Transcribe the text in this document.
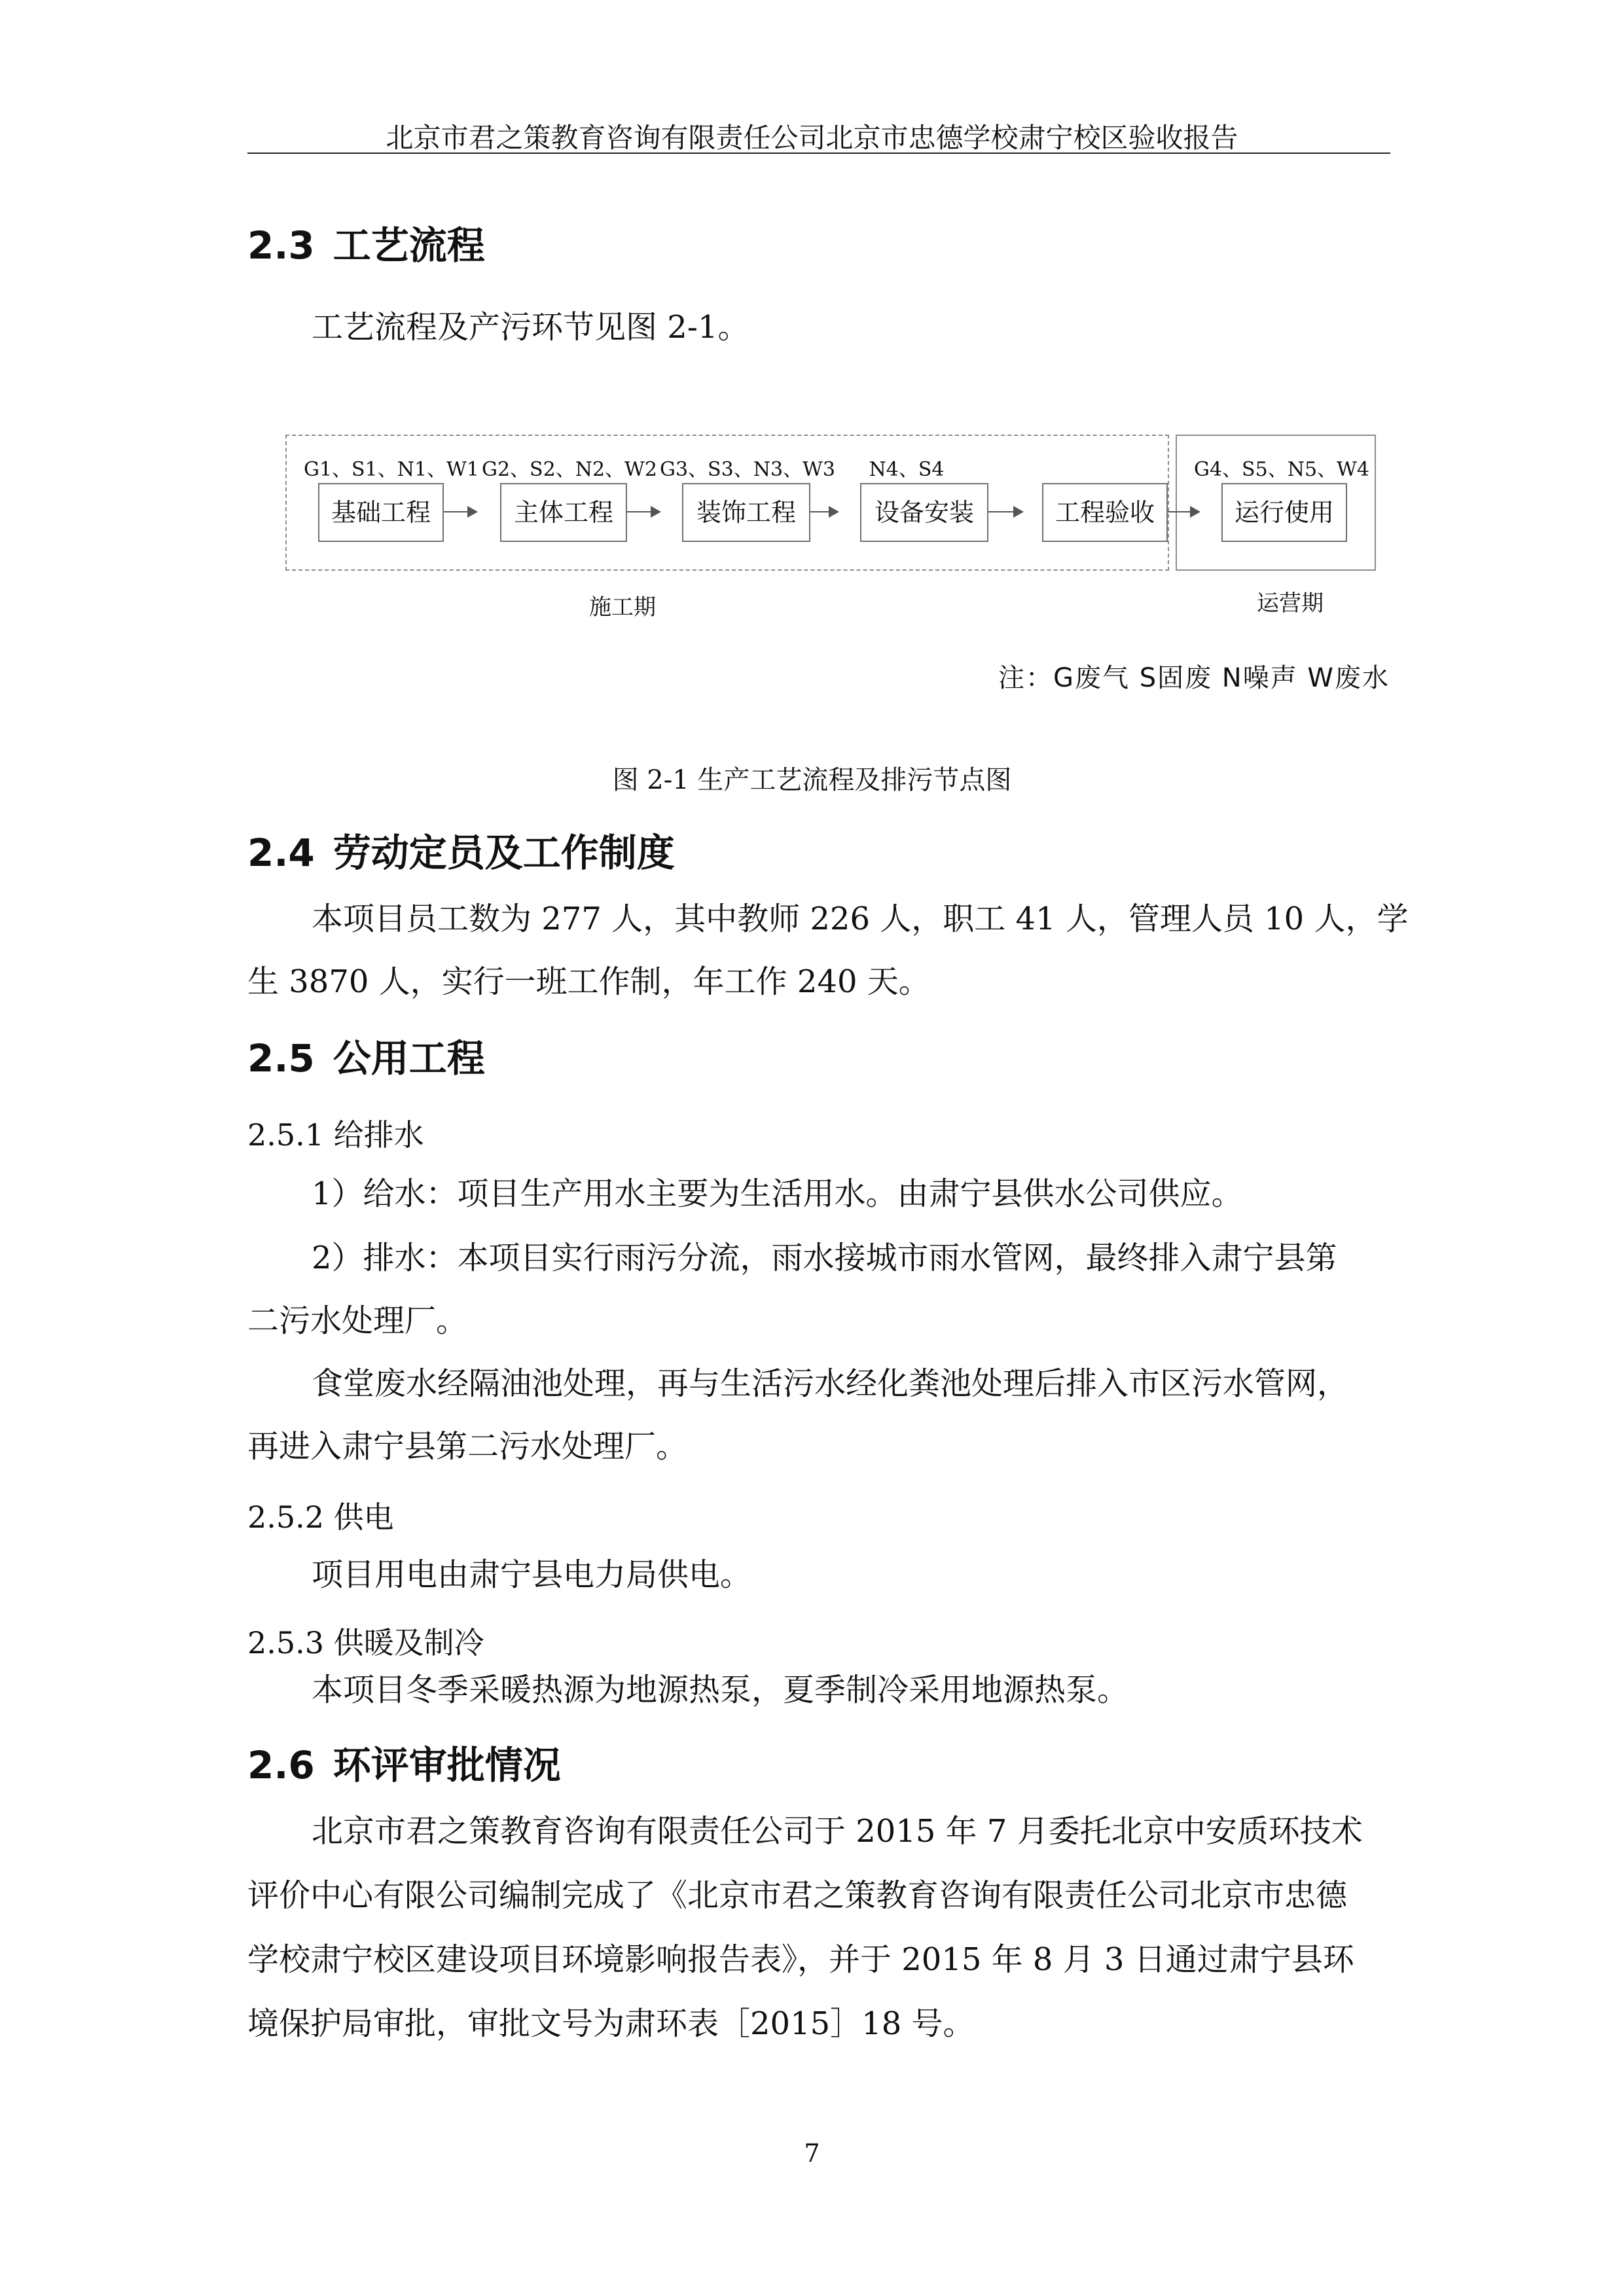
北京市君之策教育咨询有限责任公司北京市忠德学校肃宁校区验收报告
2.3 工艺流程
工艺流程及产污环节见图 2-1。
G1、S1、N1、W1 G2、S2、N2、W2 G3、S3、N3、W3	N4、S4	G4、S5、N5、W4
基础工程	主体工程	装饰工程	设备安装	工程验收	运行使用
施工期	运营期
注：G废气 S固废 N噪声 W废水
图 2-1 生产工艺流程及排污节点图
2.4 劳动定员及工作制度
本项目员工数为 277 人，其中教师 226 人，职工 41 人，管理人员 10 人，学
生 3870 人，实行一班工作制，年工作 240 天。
2.5 公用工程
2.5.1 给排水
1）给水：项目生产用水主要为生活用水。由肃宁县供水公司供应。
2）排水：本项目实行雨污分流，雨水接城市雨水管网，最终排入肃宁县第
二污水处理厂。
食堂废水经隔油池处理，再与生活污水经化粪池处理后排入市区污水管网，
再进入肃宁县第二污水处理厂。
2.5.2 供电
项目用电由肃宁县电力局供电。
2.5.3 供暖及制冷
本项目冬季采暖热源为地源热泵，夏季制冷采用地源热泵。
2.6 环评审批情况
北京市君之策教育咨询有限责任公司于 2015 年 7 月委托北京中安质环技术
评价中心有限公司编制完成了《北京市君之策教育咨询有限责任公司北京市忠德
学校肃宁校区建设项目环境影响报告表》，并于 2015 年 8 月 3 日通过肃宁县环
境保护局审批，审批文号为肃环表［2015］18 号。
7
